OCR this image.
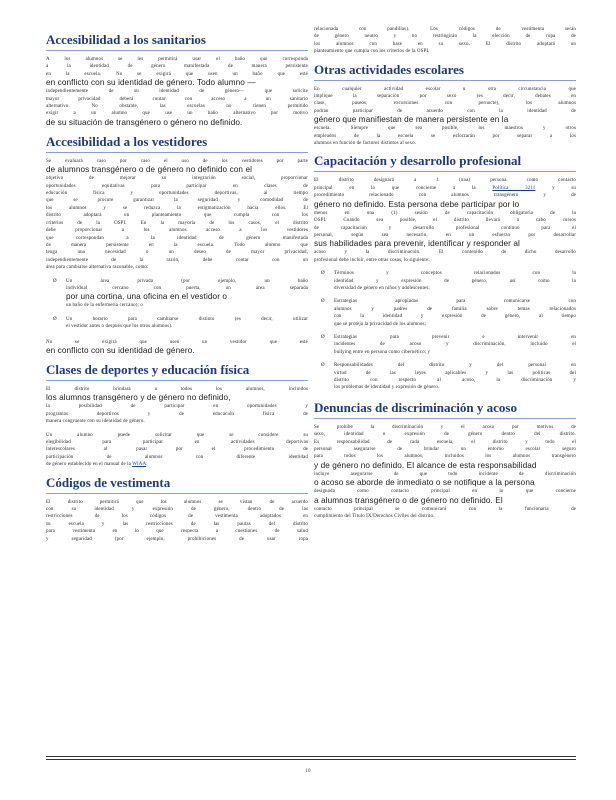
Accesibilidad a los sanitarios
A los alumnos se les permitirá usar el baño que corresponda
a la identidad de género manifestada de manera persistente
en la escuela. No se exigirá que usen un baño que esté
en conflicto con su identidad de género. Todo alumno —
independientemente de su identidad de género— que solicite
mayor privacidad deberá contar con acceso a un sanitario
alternativo. No obstante, las escuelas no tienen permitido
exigir a un alumno que use un baño alternativo por motivo
de su situación de transgénero o género no definido.
Accesibilidad a los vestidores
Se evaluará caso por caso el uso de los vestidores por parte
de alumnos transgénero o de género no definido con el
objetivo de mejorar su integración social, proporcionar
oportunidades equitativas para participar en clases de
educación física y oportunidades deportivas, al tiempo
que se procure garantizar la seguridad y comodidad de
los alumnos y se reduzca la estigmatización hacia ellos. El
distrito adoptará un planteamiento que cumpla con los
criterios de la OSPI. En la mayoría de los casos, el distrito
debe proporcionar a los alumnos acceso a los vestidores
que correspondan a la identidad de género manifestada
de manera persistente en la escuela. Todo alumno que
tenga una necesidad o un deseo de mayor privacidad,
independientemente de la razón, debe contar con un
área para cambiarse alternativa razonable, como:
Ø Un área privada (por ejemplo, un baño
individual cercano con puerta, un área separada
por una cortina, una oficina en el vestidor o
un baño de la enfermería cercano); o
Ø Un horario para cambiarse distinto (es decir, utilizar
el vestidor antes o después que los otros alumnos).
No se exigirá que usen un vestidor que esté
en conflicto con su identidad de género.
Clases de deportes y educación física
El distrito brindará a todos los alumnos, incluidos
los alumnos transgénero y de género no definido,
la posibilidad de participar en oportunidades y
programas deportivos y de educación física de
manera congruente con su identidad de género.
Un alumno puede solicitar que se considere su
elegibilidad para participar en actividades deportivas
interescolares al pasar por el procedimiento de
participación de alumnos con diferente identidad
de género establecido en el manual de la WIAA.
Códigos de vestimenta
El distrito permitirá que los alumnos se vistan de acuerdo
con su identidad y expresión de género, dentro de las
restricciones de los códigos de vestimenta adoptados en
su escuela y las restricciones de las pautas del distrito
para vestimenta en lo que respecta a cuestiones de salud
y seguridad (por ejemplo, prohibiciones de usar ropa
relacionada con pandillas). Los códigos de vestimenta serán
de género neutro y no restringirán la elección de ropa de
los alumnos con base en su sexo. El distrito adoptará un
planteamiento que cumpla con los criterios de la OSPI.
Otras actividades escolares
En cualquier actividad escolar u otra circunstancia que
implique la separación por sexo (es decir, debates en
clase, paseos, excursiones con pernocte), los alumnos
podrán participar de acuerdo con la identidad de
género que manifiestan de manera persistente en la
escuela. Siempre que sea posible, los maestros y otros
empleados de la escuela se esforzarán por separar a los
alumnos en función de factores distintos al sexo.
Capacitación y desarrollo profesional
El distrito designará a 1 (una) persona como contacto
principal en lo que concierne a la Política 3211 y su
procedimiento relacionado con alumnos transgénero y de
género no definido. Esta persona debe participar por lo
menos en una (1) sesión de capacitación obligatoria de la
OSPI. Cuando sea posible, el distrito llevará a cabo cursos
de capacitación y desarrollo profesional continuo para el
personal, según sea necesario, en un esfuerzo por desarrollar
sus habilidades para prevenir, identificar y responder al
acoso y la discriminación. El contenido de dicho desarrollo
profesional debe incluir, entre otras cosas, lo siguiente:
Ø Términos y conceptos relacionados con la
identidad y expresión de género, así como la
diversidad de género en niños y adolescentes;
Ø Estrategias apropiadas para comunicarse con
alumnos y padres de familia sobre temas relacionados
con la identidad y expresión de género, al tiempo
que se proteja la privacidad de los alumnos;
Ø Estrategias para prevenir e intervenir en
incidentes de acoso y discriminación, incluido el
bullying entre en persona como cibernético; y
Ø Responsabilidades del distrito y del personal en
virtud de las leyes aplicables y las políticas del
distrito con respecto al acoso, la discriminación y
los problemas de identidad y expresión de género.
Denuncias de discriminación y acoso
Se prohíbe la discriminación y el acoso por motivos de
sexo, identidad o expresión de género dentro del distrito.
Es responsabilidad de cada escuela, el distrito y todo el
personal asegurarse de brindar un entorno escolar seguro
para todos los alumnos, incluidos los alumnos transgénero
y de género no definido. El alcance de esta responsabilidad
incluye asegurarse de que todo incidente de discriminación
o acoso se aborde de inmediato o se notifique a la persona
designada como contacto principal en lo que concierne
a alumnos transgénero o de género no definido. El
contacto principal se comunicará con la funcionaria de
cumplimiento del Título IX/Derechos Civiles del distrito.
10
